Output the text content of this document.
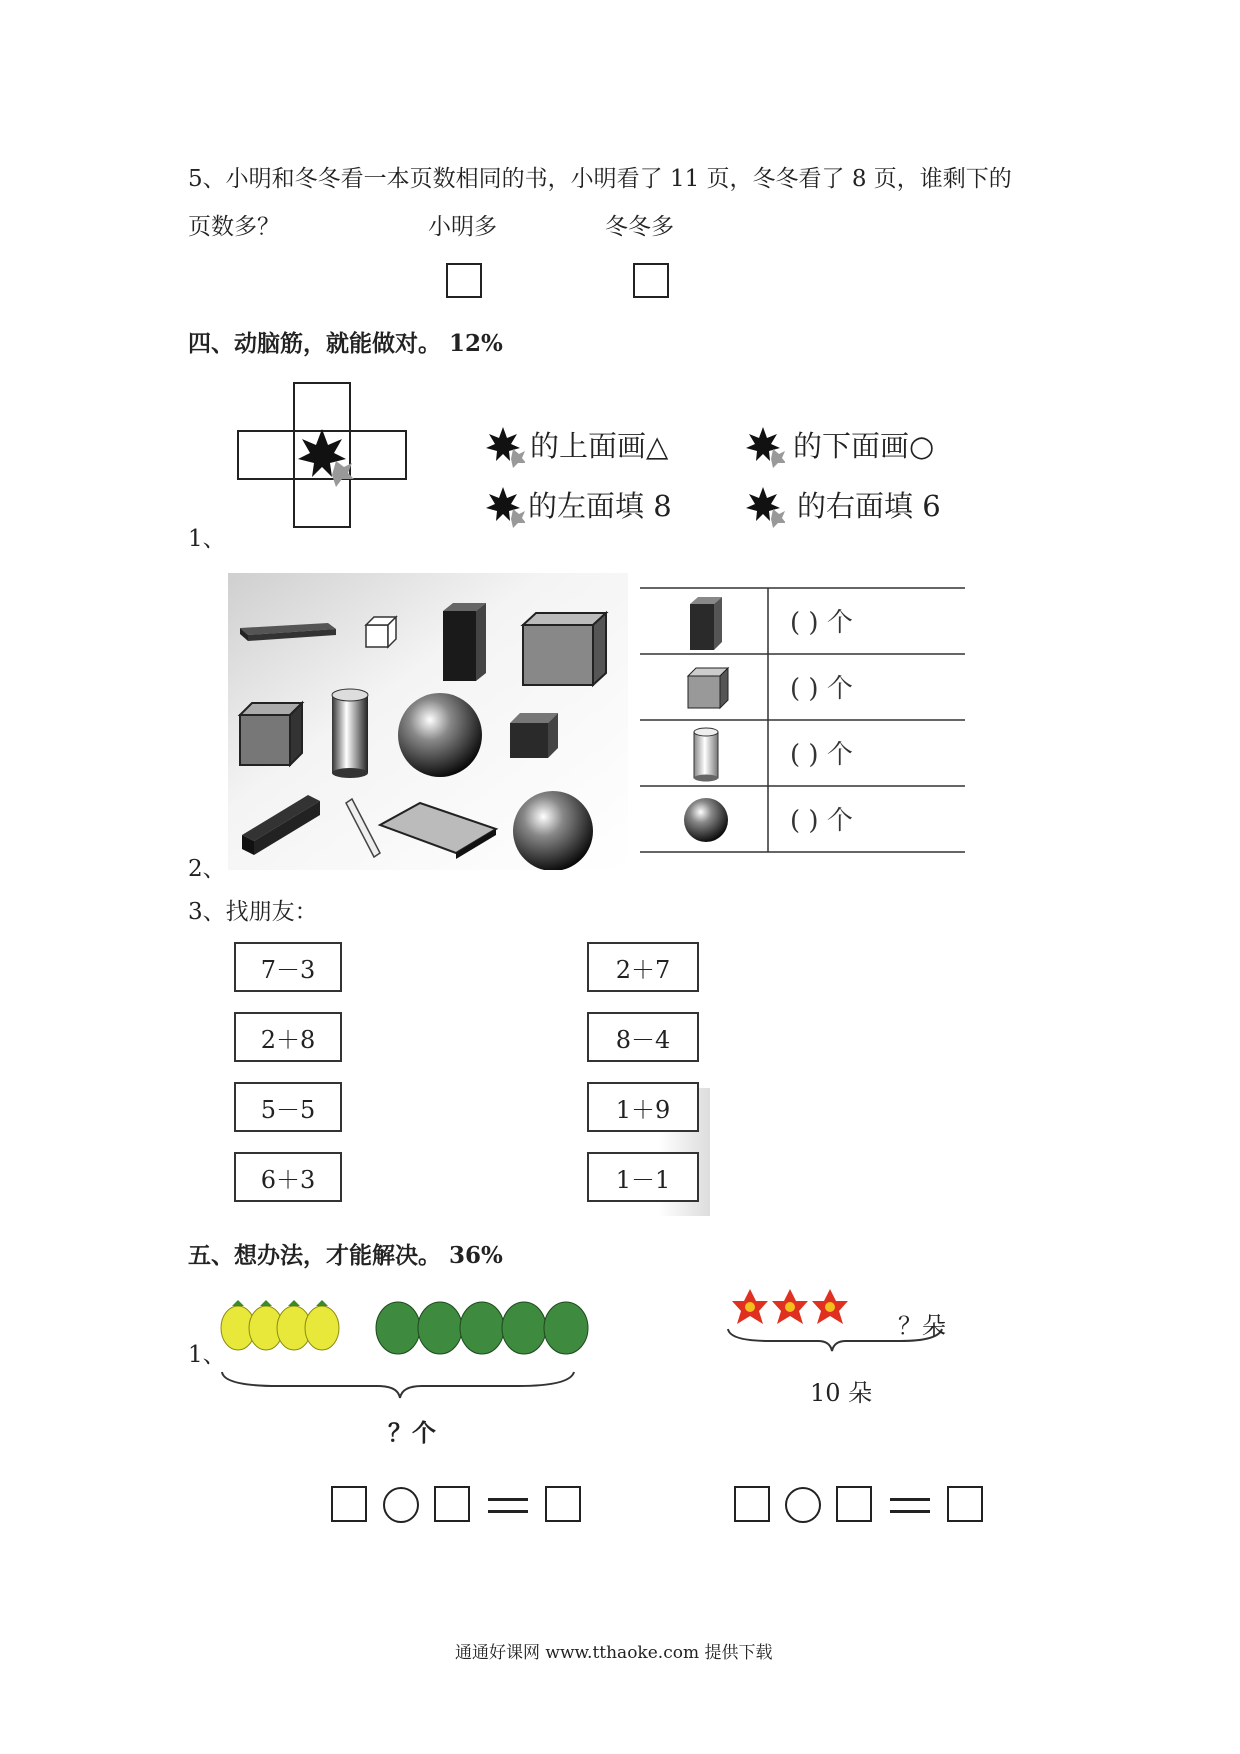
5、小明和冬冬看一本页数相同的书，小明看了 11 页，冬冬看了 8 页，谁剩下的
页数多？	小明多	冬冬多
四、动脑筋，就能做对。 12%
1、
的上面画△	的下面画○
的左面填 8	的右面填 6
2、
( ) 个
( ) 个
( ) 个
( ) 个
3、找朋友：
7－3
2＋8
5－5
6＋3
2＋7
8－4
1＋9
1－1
五、想办法，才能解决。 36%
1、
？个
？朵
10 朵
通通好课网 www.tthaoke.com 提供下载
